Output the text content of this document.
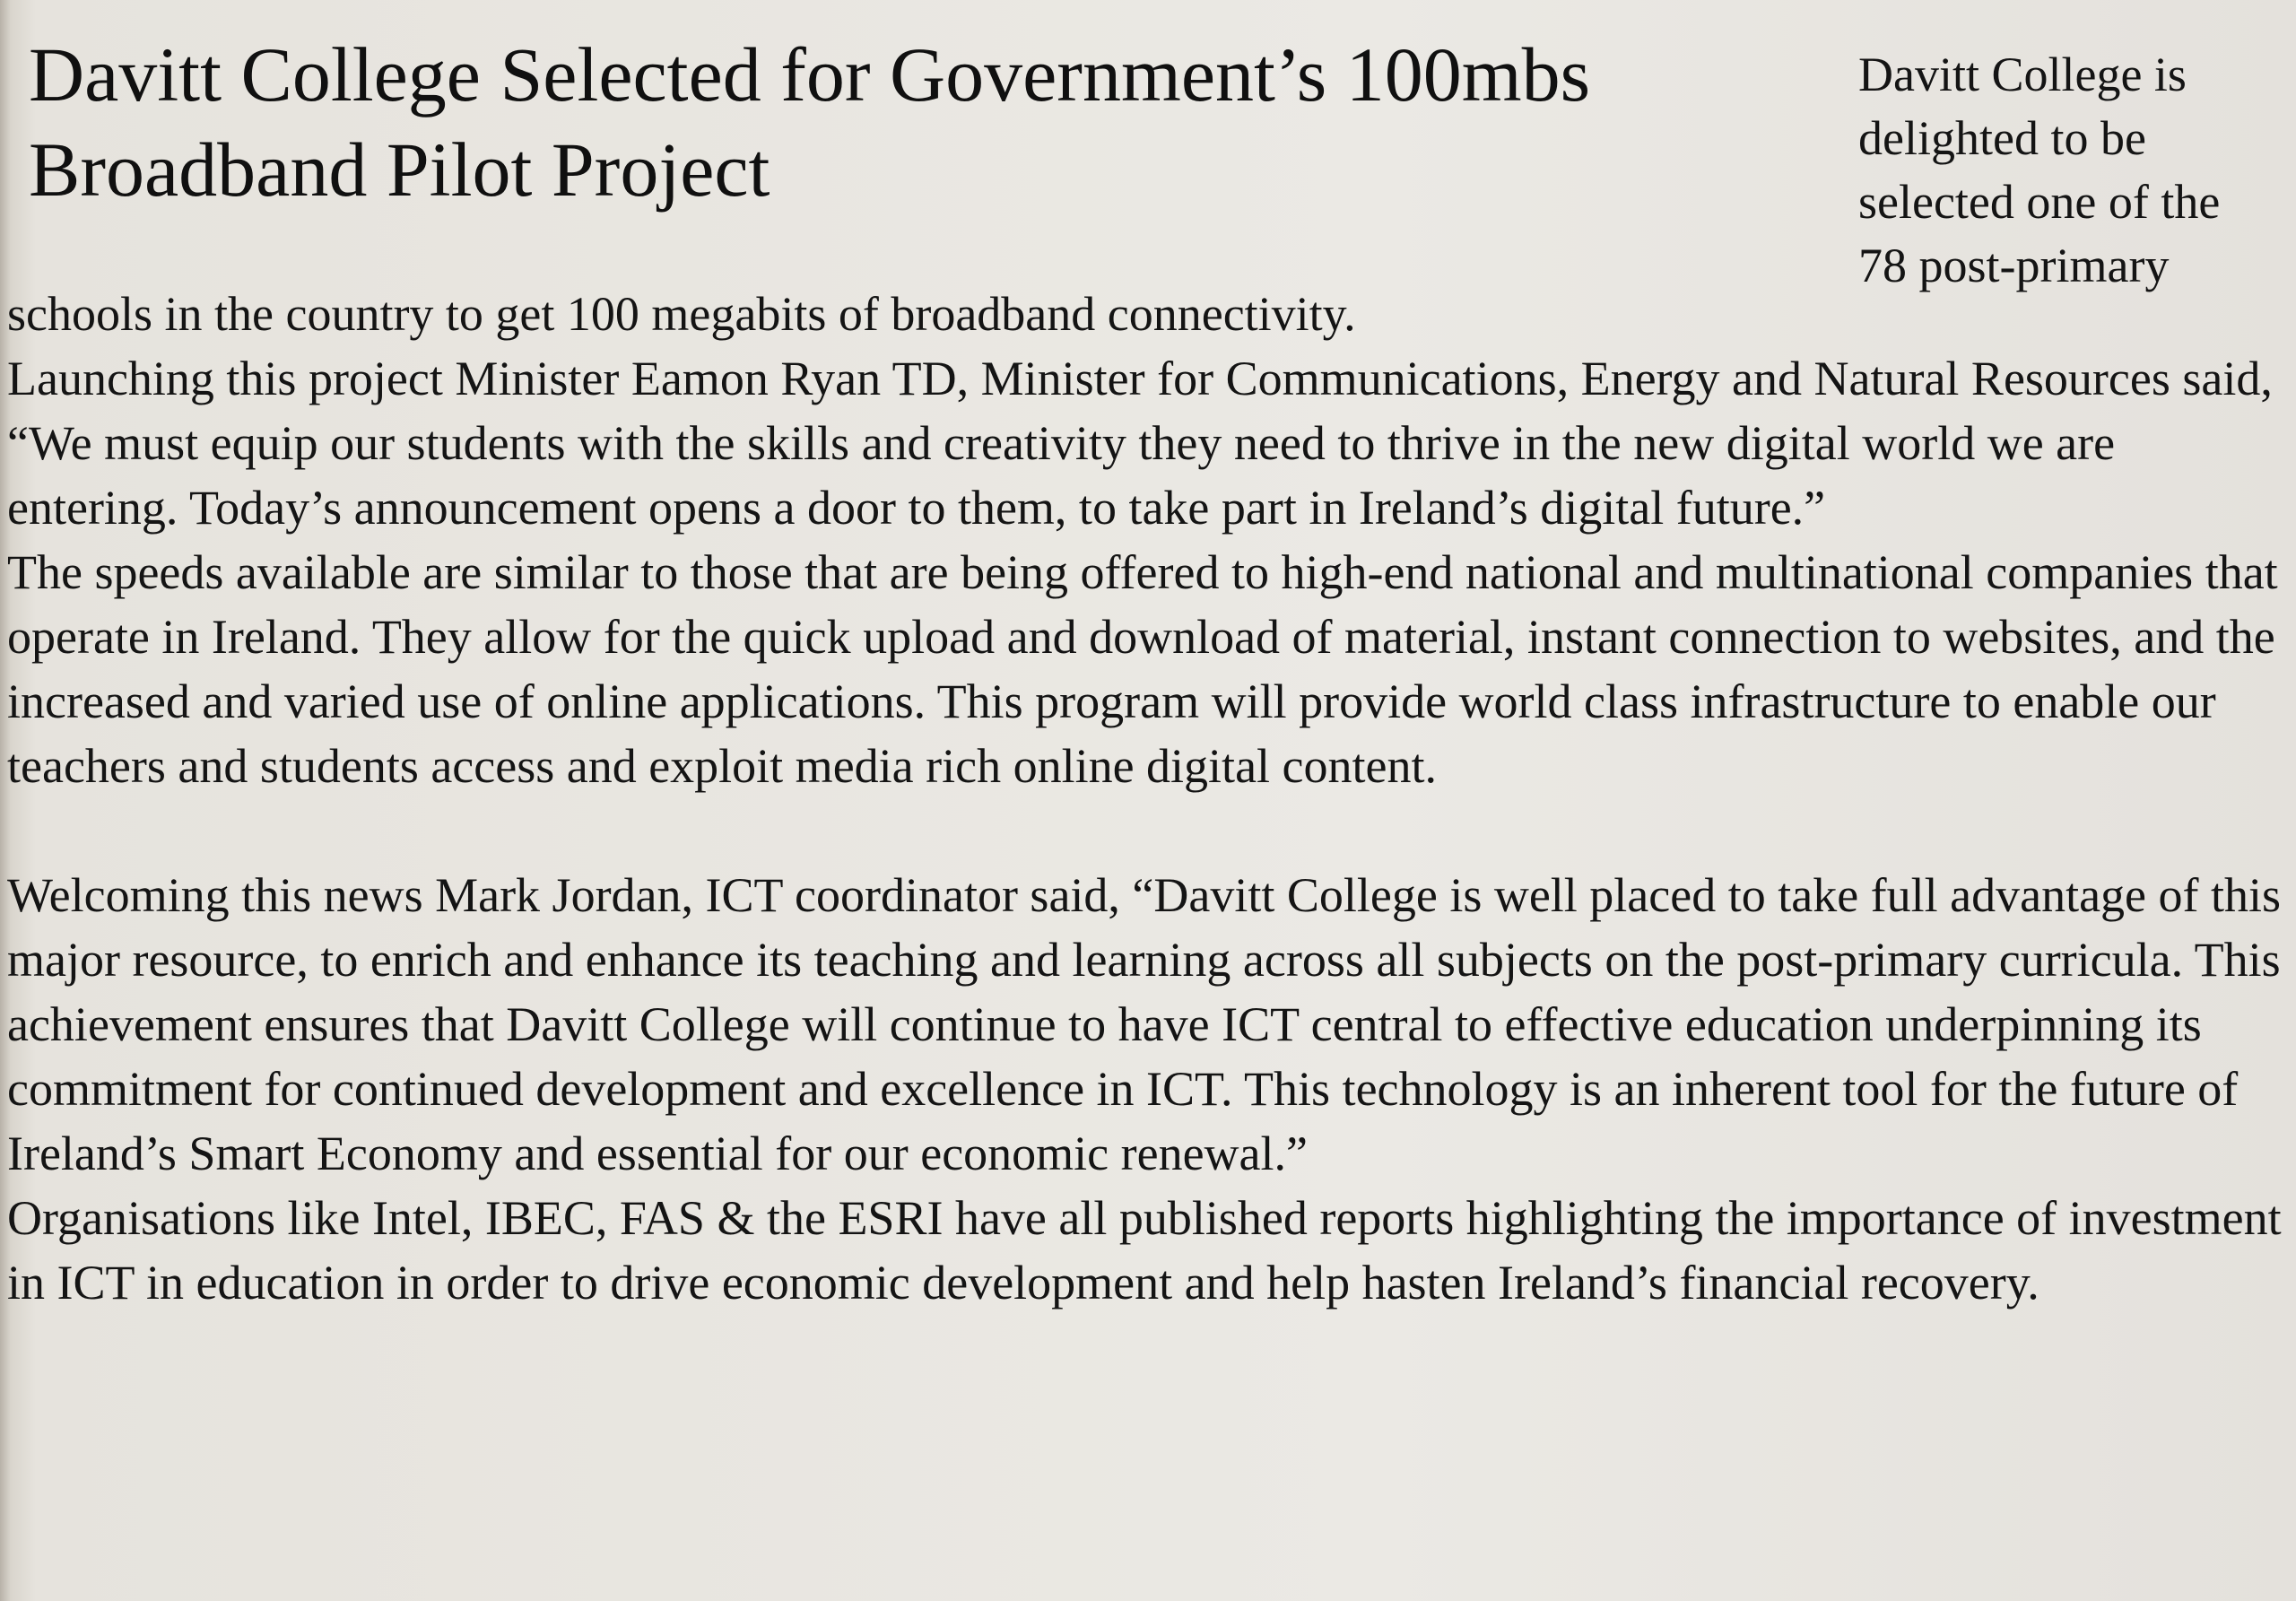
Davitt College Selected for Government’s 100mbs Broadband Pilot Project

Davitt College is delighted to be selected one of the 78 post-primary

schools in the country to get 100 megabits of broadband connectivity.

Launching this project Minister Eamon Ryan TD, Minister for Communications, Energy and Natural Resources said, “We must equip our students with the skills and creativity they need to thrive in the new digital world we are entering. Today’s announcement opens a door to them, to take part in Ireland’s digital future.”

The speeds available are similar to those that are being offered to high-end national and multinational companies that operate in Ireland. They allow for the quick upload and download of material, instant connection to websites, and the increased and varied use of online applications. This program will provide world class infrastructure to enable our teachers and students access and exploit media rich online digital content.

Welcoming this news Mark Jordan, ICT coordinator said, “Davitt College is well placed to take full advantage of this major resource, to enrich and enhance its teaching and learning across all subjects on the post-primary curricula. This achievement ensures that Davitt College will continue to have ICT central to effective education underpinning its commitment for continued development and excellence in ICT. This technology is an inherent tool for the future of Ireland’s Smart Economy and essential for our economic renewal.”

Organisations like Intel, IBEC, FAS & the ESRI have all published reports highlighting the importance of investment in ICT in education in order to drive economic development and help hasten Ireland’s financial recovery.
